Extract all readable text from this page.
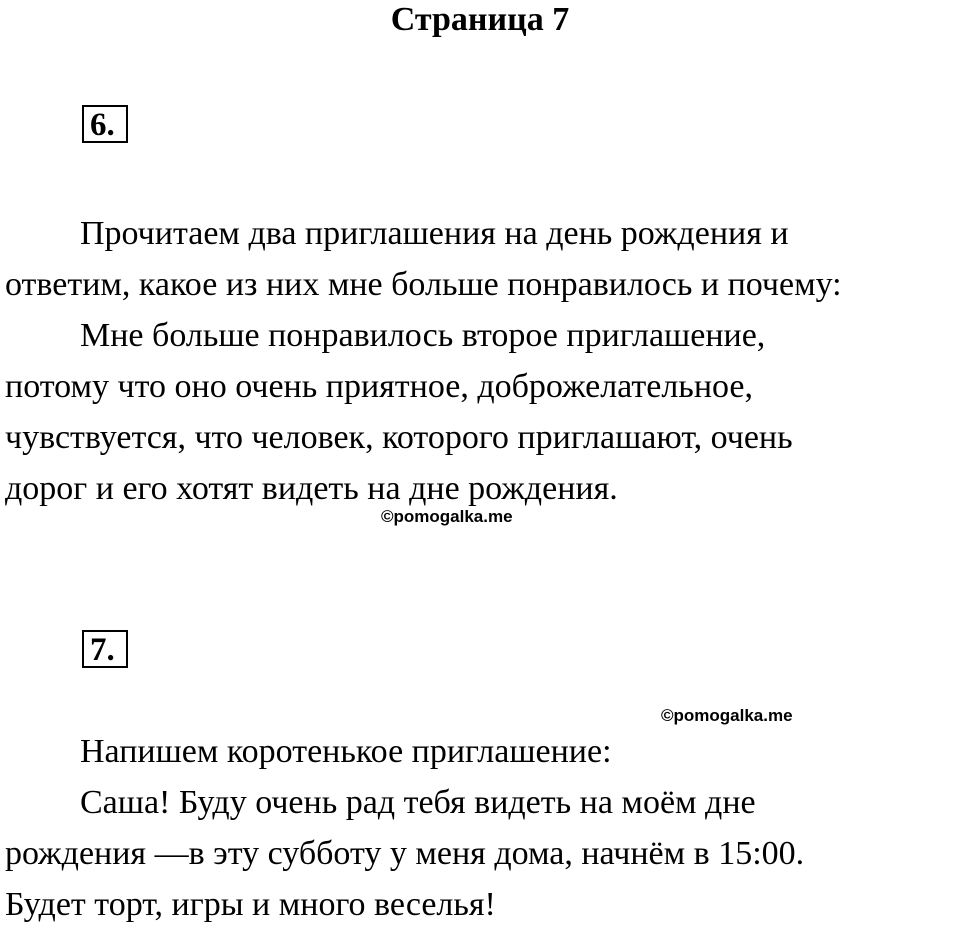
Страница 7
6.
Прочитаем два приглашения на день рождения и
ответим, какое из них мне больше понравилось и почему:
Мне больше понравилось второе приглашение,
потому что оно очень приятное, доброжелательное,
чувствуется, что человек, которого приглашают, очень
дорог и его хотят видеть на дне рождения.
©pomogalka.me
7.
©pomogalka.me
Напишем коротенькое приглашение:
Саша! Буду очень рад тебя видеть на моём дне
рождения —в эту субботу у меня дома, начнём в 15:00.
Будет торт, игры и много веселья!
